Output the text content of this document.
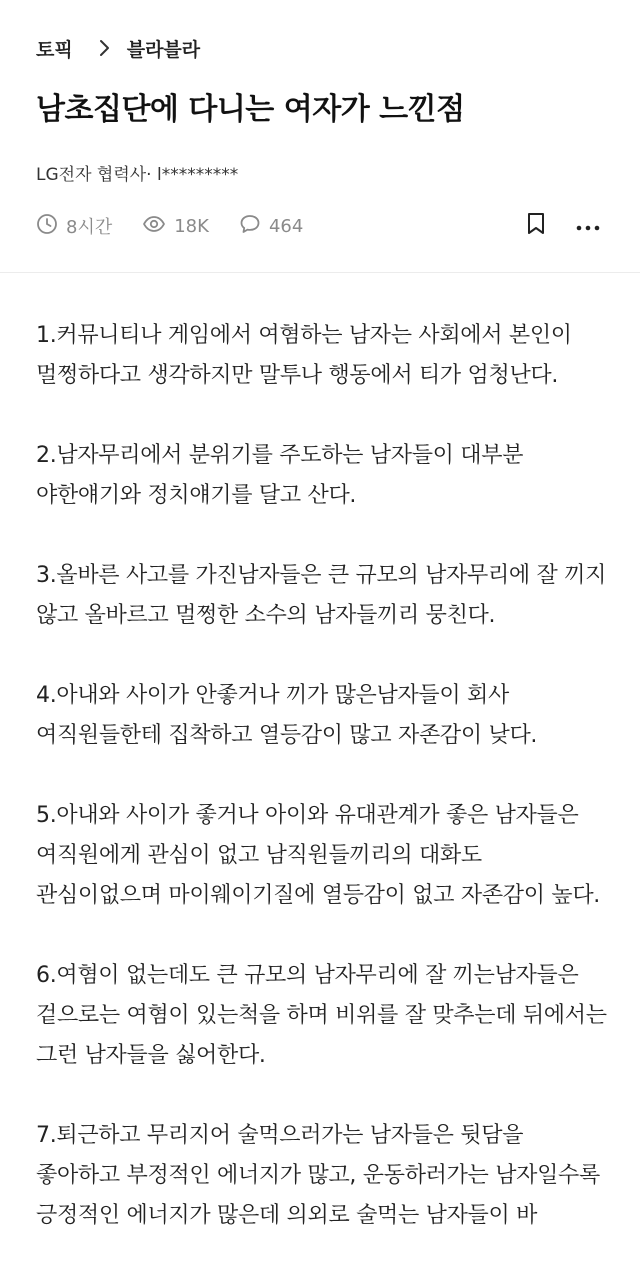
토픽	블라블라
남초집단에 다니는 여자가 느낀점
LG전자 협력사· l*********
8시간	18K	464

1.커뮤니티나 게임에서 여혐하는 남자는 사회에서 본인이 멀쩡하다고 생각하지만 말투나 행동에서 티가 엄청난다.

2.남자무리에서 분위기를 주도하는 남자들이 대부분 야한얘기와 정치얘기를 달고 산다.

3.올바른 사고를 가진남자들은 큰 규모의 남자무리에 잘 끼지 않고 올바르고 멀쩡한 소수의 남자들끼리 뭉친다.

4.아내와 사이가 안좋거나 끼가 많은남자들이 회사 여직원들한테 집착하고 열등감이 많고 자존감이 낮다.

5.아내와 사이가 좋거나 아이와 유대관계가 좋은 남자들은 여직원에게 관심이 없고 남직원들끼리의 대화도 관심이없으며 마이웨이기질에 열등감이 없고 자존감이 높다.

6.여혐이 없는데도 큰 규모의 남자무리에 잘 끼는남자들은 겉으로는 여혐이 있는척을 하며 비위를 잘 맞추는데 뒤에서는 그런 남자들을 싫어한다.

7.퇴근하고 무리지어 술먹으러가는 남자들은 뒷담을 좋아하고 부정적인 에너지가 많고, 운동하러가는 남자일수록 긍정적인 에너지가 많은데 의외로 술먹는 남자들이 바
